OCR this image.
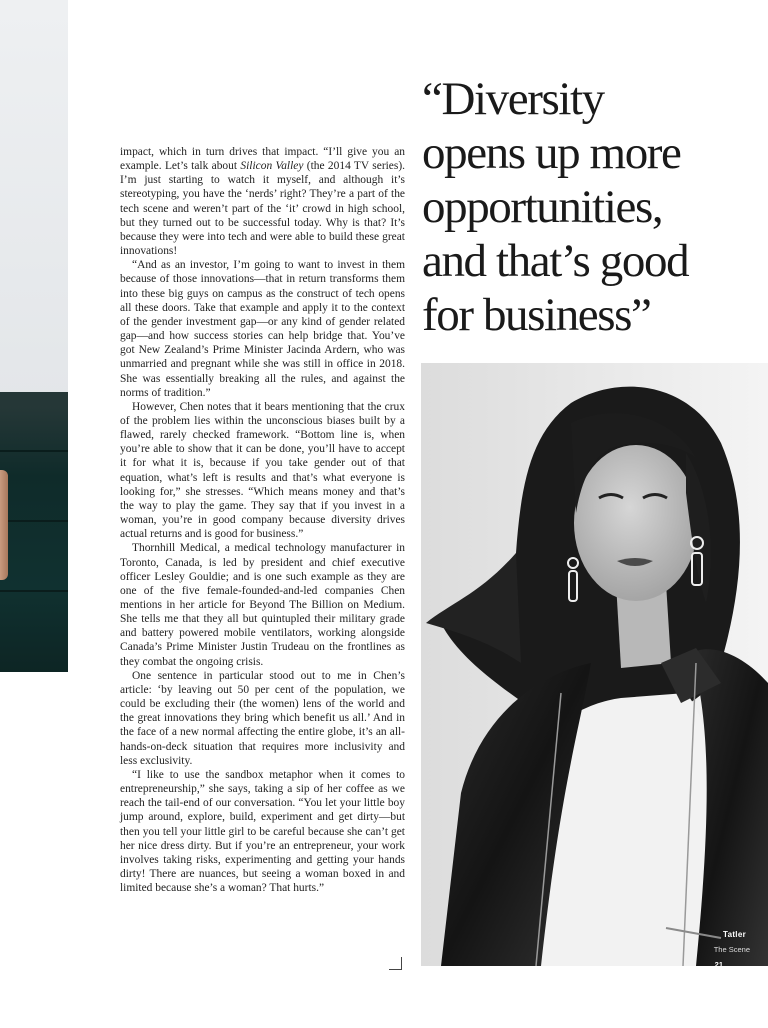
impact, which in turn drives that impact. “I’ll give you an example. Let’s talk about Silicon Valley (the 2014 TV series). I’m just starting to watch it myself, and although it’s stereotyping, you have the ‘nerds’ right? They’re a part of the tech scene and weren’t part of the ‘it’ crowd in high school, but they turned out to be successful today. Why is that? It’s because they were into tech and were able to build these great innovations!

“And as an investor, I’m going to want to invest in them because of those innovations—that in return transforms them into these big guys on campus as the construct of tech opens all these doors. Take that example and apply it to the context of the gender investment gap—or any kind of gender related gap—and how success stories can help bridge that. You’ve got New Zealand’s Prime Minister Jacinda Ardern, who was unmarried and pregnant while she was still in office in 2018. She was essentially breaking all the rules, and against the norms of tradition.”

However, Chen notes that it bears mentioning that the crux of the problem lies within the unconscious biases built by a flawed, rarely checked framework. “Bottom line is, when you’re able to show that it can be done, you’ll have to accept it for what it is, because if you take gender out of that equation, what’s left is results and that’s what everyone is looking for,” she stresses. “Which means money and that’s the way to play the game. They say that if you invest in a woman, you’re in good company because diversity drives actual returns and is good for business.”

Thornhill Medical, a medical technology manufacturer in Toronto, Canada, is led by president and chief executive officer Lesley Gouldie; and is one such example as they are one of the five female-founded-and-led companies Chen mentions in her article for Beyond The Billion on Medium. She tells me that they all but quintupled their military grade and battery powered mobile ventilators, working alongside Canada’s Prime Minister Justin Trudeau on the frontlines as they combat the ongoing crisis.

One sentence in particular stood out to me in Chen’s article: ‘by leaving out 50 per cent of the population, we could be excluding their (the women) lens of the world and the great innovations they bring which benefit us all.’ And in the face of a new normal affecting the entire globe, it’s an all-hands-on-deck situation that requires more inclusivity and less exclusivity.

“I like to use the sandbox metaphor when it comes to entrepreneurship,” she says, taking a sip of her coffee as we reach the tail-end of our conversation. “You let your little boy jump around, explore, build, experiment and get dirty—but then you tell your little girl to be careful because she can’t get her nice dress dirty. But if you’re an entrepreneur, your work involves taking risks, experimenting and getting your hands dirty! There are nuances, but seeing a woman boxed in and limited because she’s a woman? That hurts.”

“Diversity
opens up more
opportunities,
and that’s good
for business”
Tatler
The Scene
21
